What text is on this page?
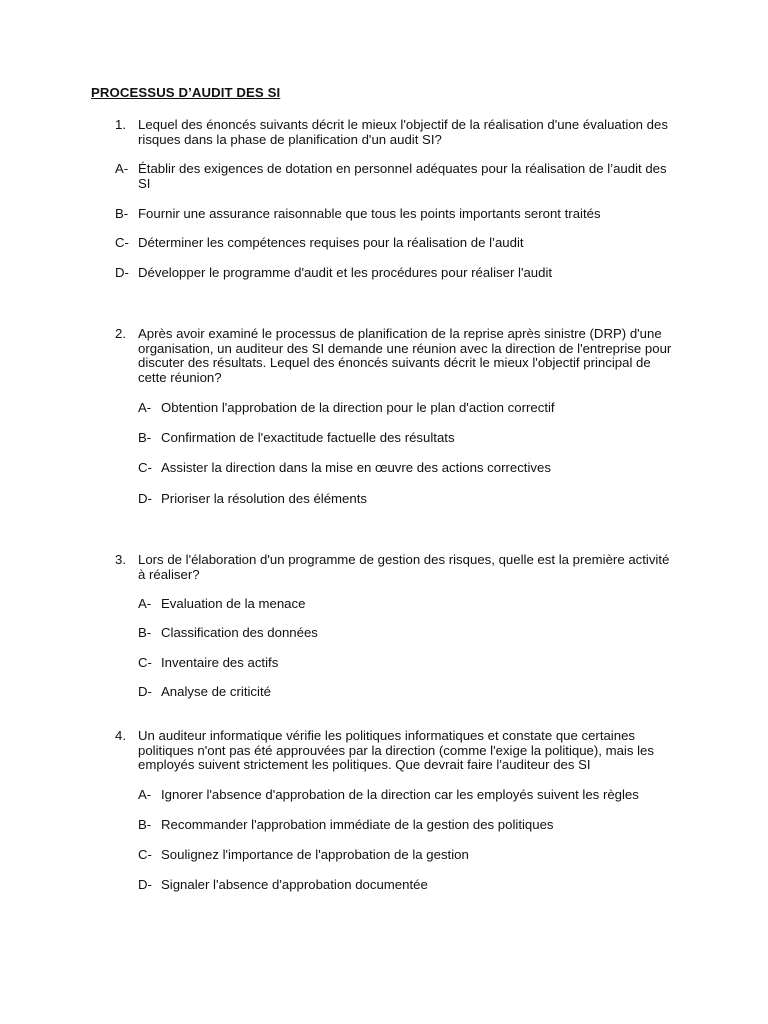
PROCESSUS D’AUDIT DES SI
1. Lequel des énoncés suivants décrit le mieux l'objectif de la réalisation d'une évaluation des risques dans la phase de planification d'un audit SI?
A- Établir des exigences de dotation en personnel adéquates pour la réalisation de l’audit des SI
B- Fournir une assurance raisonnable que tous les points importants seront traités
C- Déterminer les compétences requises pour la réalisation de l’audit
D- Développer le programme d'audit et les procédures pour réaliser l'audit
2. Après avoir examiné le processus de planification de la reprise après sinistre (DRP) d'une organisation, un auditeur des SI demande une réunion avec la direction de l'entreprise pour discuter des résultats. Lequel des énoncés suivants décrit le mieux l'objectif principal de cette réunion?
A- Obtention l'approbation de la direction pour le plan d'action correctif
B- Confirmation de l'exactitude factuelle des résultats
C- Assister la direction dans la mise en œuvre des actions correctives
D- Prioriser la résolution des éléments
3. Lors de l'élaboration d'un programme de gestion des risques, quelle est la première activité à réaliser?
A- Evaluation de la menace
B- Classification des données
C- Inventaire des actifs
D- Analyse de criticité
4. Un auditeur informatique vérifie les politiques informatiques et constate que certaines politiques n'ont pas été approuvées par la direction (comme l'exige la politique), mais les employés suivent strictement les politiques. Que devrait faire l'auditeur des SI
A- Ignorer l'absence d'approbation de la direction car les employés suivent les règles
B- Recommander l'approbation immédiate de la gestion des politiques
C- Soulignez l'importance de l'approbation de la gestion
D- Signaler l'absence d'approbation documentée
